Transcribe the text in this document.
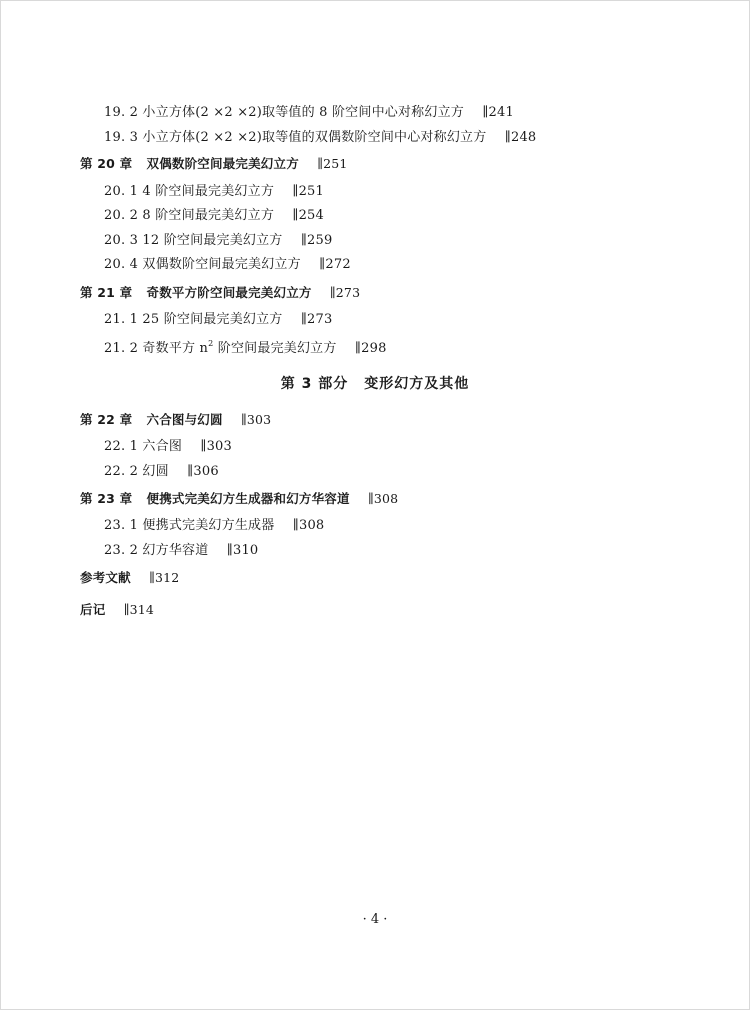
19. 2 小立方体(2 ×2 ×2)取等值的 8 阶空间中心对称幻立方 ∥241
19. 3 小立方体(2 ×2 ×2)取等值的双偶数阶空间中心对称幻立方 ∥248
第 20 章 双偶数阶空间最完美幻立方 ∥251
20. 1 4 阶空间最完美幻立方 ∥251
20. 2 8 阶空间最完美幻立方 ∥254
20. 3 12 阶空间最完美幻立方 ∥259
20. 4 双偶数阶空间最完美幻立方 ∥272
第 21 章 奇数平方阶空间最完美幻立方 ∥273
21. 1 25 阶空间最完美幻立方 ∥273
21. 2 奇数平方 $n^2$ 阶空间最完美幻立方 ∥298
第 3 部分 变形幻方及其他
第 22 章 六合图与幻圆 ∥303
22. 1 六合图 ∥303
22. 2 幻圆 ∥306
第 23 章 便携式完美幻方生成器和幻方华容道 ∥308
23. 1 便携式完美幻方生成器 ∥308
23. 2 幻方华容道 ∥310
参考文献 ∥312
后记 ∥314
· 4 ·
